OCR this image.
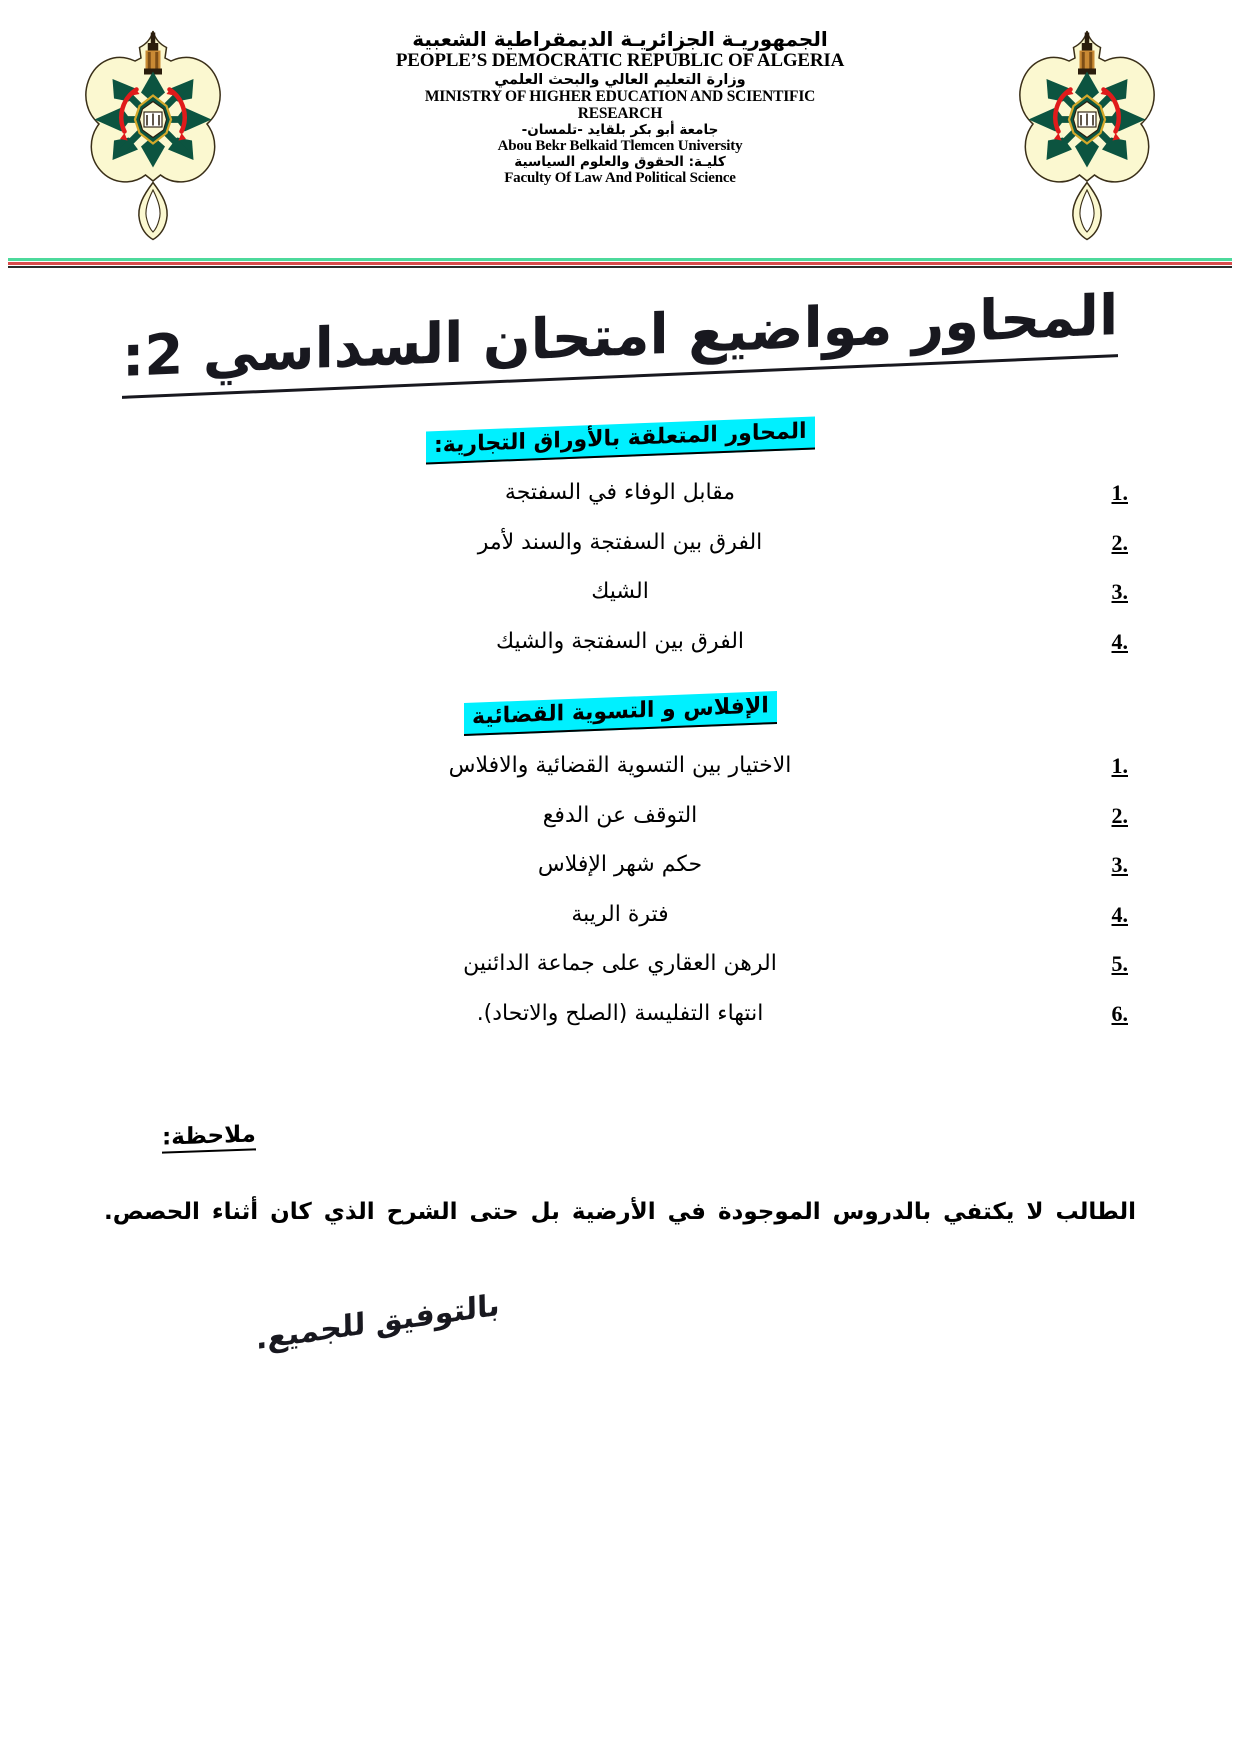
الجمهوريـة الجزائريـة الديمقراطية الشعبية
PEOPLE’S DEMOCRATIC REPUBLIC OF ALGERIA
وزارة التعليم العالي والبحث العلمي
MINISTRY OF HIGHER EDUCATION AND SCIENTIFIC
RESEARCH
جامعة أبو بكر بلقايد -تلمسان-
Abou Bekr Belkaid Tlemcen University
كليـة: الحقوق والعلوم السياسية
Faculty Of Law And Political Science
المحاور مواضيع امتحان السداسي 2:
المحاور المتعلقة بالأوراق التجارية:
1.
مقابل الوفاء في السفتجة
2.
الفرق بين السفتجة والسند لأمر
3.
الشيك
4.
الفرق بين السفتجة والشيك
الإفلاس و التسوية القضائية
1.
الاختيار بين التسوية القضائية والافلاس
2.
التوقف عن الدفع
3.
حكم شهر الإفلاس
4.
فترة الريبة
5.
الرهن العقاري على جماعة الدائنين
6.
انتهاء التفليسة (الصلح والاتحاد).
ملاحظة:
الطالب لا يكتفي بالدروس الموجودة في الأرضية بل حتى الشرح الذي كان أثناء الحصص.
بالتوفيق للجميع.
